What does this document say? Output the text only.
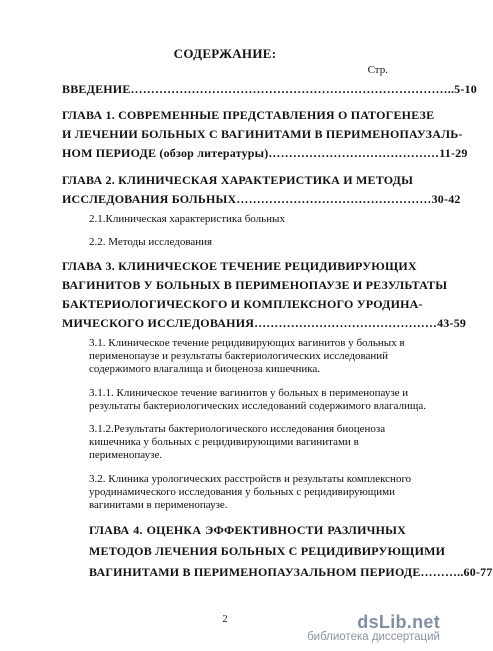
СОДЕРЖАНИЕ:
Стр.
ВВЕДЕНИЕ……………………………………………………………………..5-10
ГЛАВА 1. СОВРЕМЕННЫЕ ПРЕДСТАВЛЕНИЯ О ПАТОГЕНЕЗЕ
И ЛЕЧЕНИИ БОЛЬНЫХ С ВАГИНИТАМИ В ПЕРИМЕНОПАУЗАЛЬ-
НОМ ПЕРИОДЕ (обзор литературы)……………………………………11-29
ГЛАВА 2. КЛИНИЧЕСКАЯ ХАРАКТЕРИСТИКА И МЕТОДЫ
ИССЛЕДОВАНИЯ БОЛЬНЫХ…………………………………………30-42
2.1.Клиническая характеристика больных
2.2. Методы исследования
ГЛАВА 3. КЛИНИЧЕСКОЕ ТЕЧЕНИЕ РЕЦИДИВИРУЮЩИХ
ВАГИНИТОВ У БОЛЬНЫХ В ПЕРИМЕНОПАУЗЕ И РЕЗУЛЬТАТЫ
БАКТЕРИОЛОГИЧЕСКОГО И КОМПЛЕКСНОГО УРОДИНА-
МИЧЕСКОГО ИССЛЕДОВАНИЯ………………………………………43-59
3.1. Клиническое течение рецидивирующих вагинитов у больных в
перименопаузе и результаты бактериологических исследований
содержимого влагалища и биоценоза кишечника.
3.1.1. Клиническое течение вагинитов у больных в перименопаузе и
результаты бактериологических исследований содержимого влагалища.
3.1.2.Результаты бактериологического исследования биоценоза
кишечника у больных с рецидивирующими вагинитами в
перименопаузе.
3.2. Клиника урологических расстройств и результаты комплексного
уродинамического исследования у больных с рецидивирующими
вагинитами в перименопаузе.
ГЛАВА 4. ОЦЕНКА ЭФФЕКТИВНОСТИ РАЗЛИЧНЫХ
МЕТОДОВ ЛЕЧЕНИЯ БОЛЬНЫХ С РЕЦИДИВИРУЮЩИМИ
ВАГИНИТАМИ В ПЕРИМЕНОПАУЗАЛЬНОМ ПЕРИОДЕ………..60-77
2	dsLib.net
библиотека диссертаций
